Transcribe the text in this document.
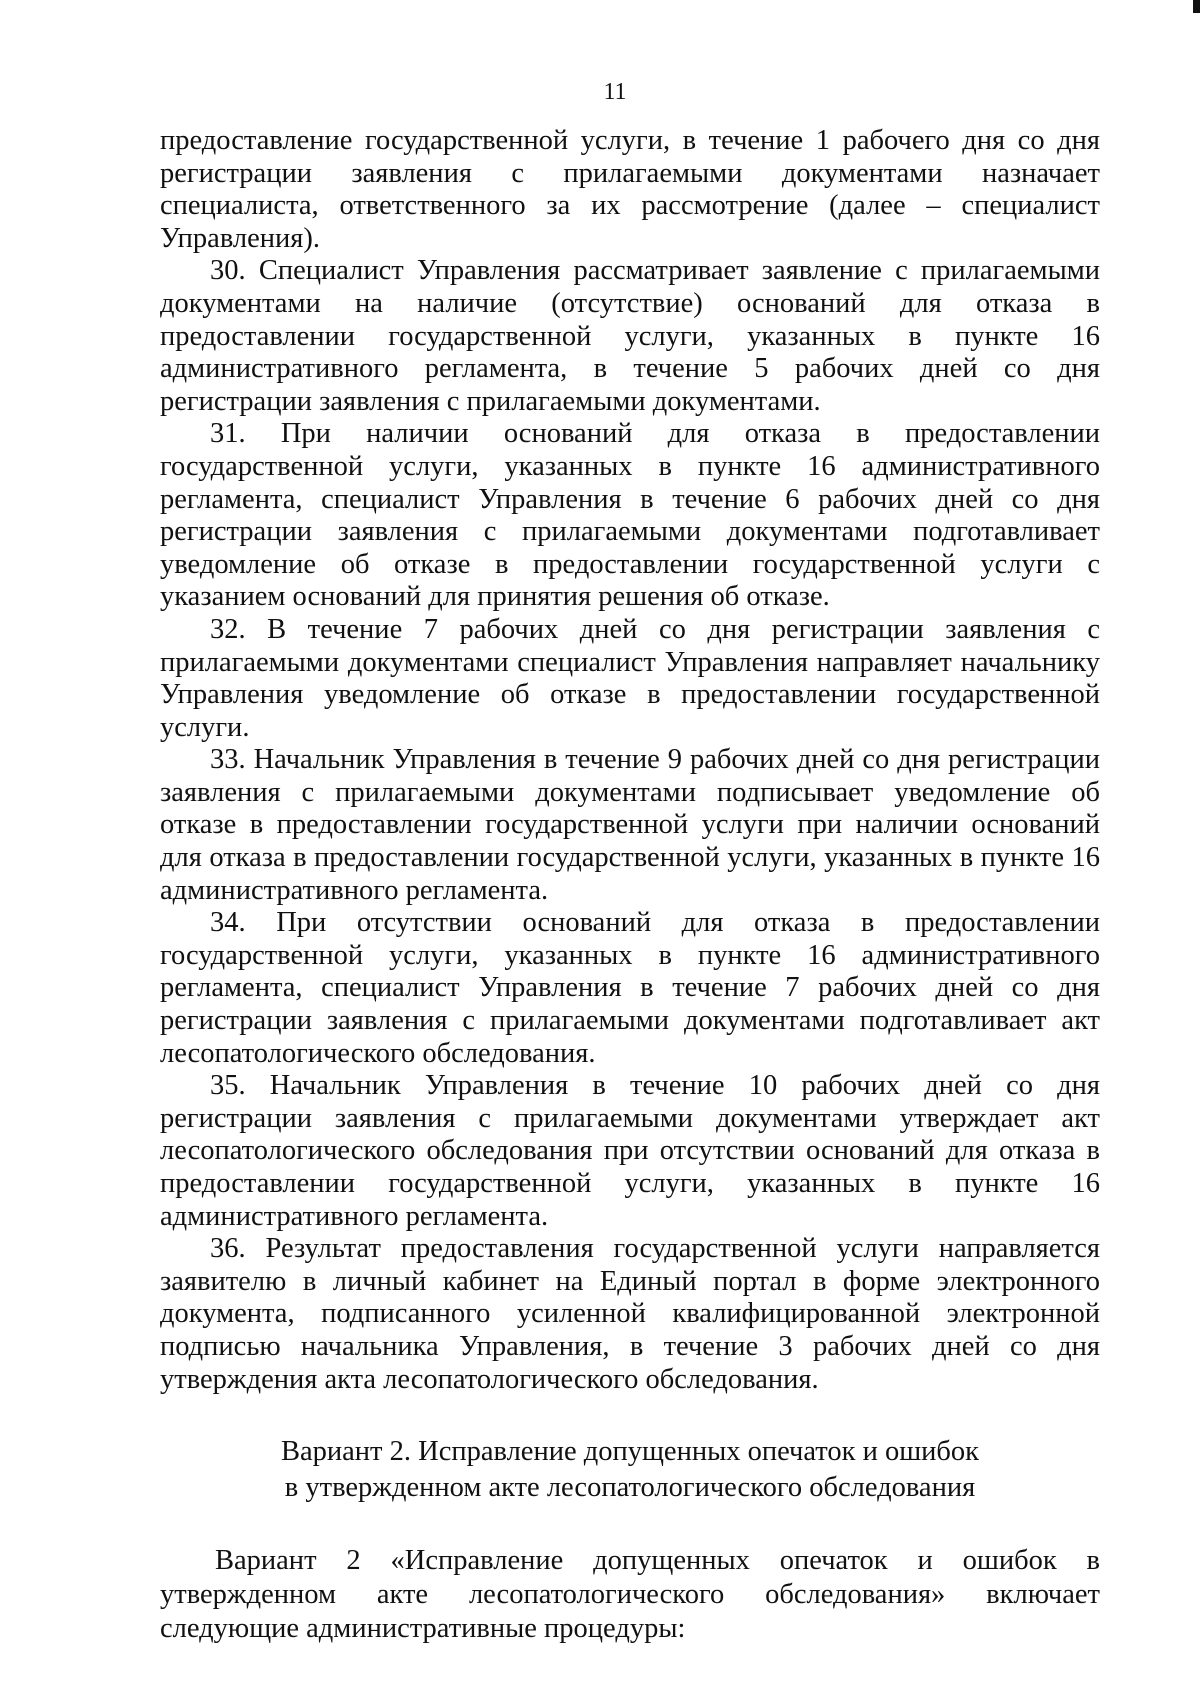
11

предоставление государственной услуги, в течение 1 рабочего дня со дня регистрации заявления с прилагаемыми документами назначает специалиста, ответственного за их рассмотрение (далее – специалист Управления).

30. Специалист Управления рассматривает заявление с прилагаемыми документами на наличие (отсутствие) оснований для отказа в предоставлении государственной услуги, указанных в пункте 16 административного регламента, в течение 5 рабочих дней со дня регистрации заявления с прилагаемыми документами.

31. При наличии оснований для отказа в предоставлении государственной услуги, указанных в пункте 16 административного регламента, специалист Управления в течение 6 рабочих дней со дня регистрации заявления с прилагаемыми документами подготавливает уведомление об отказе в предоставлении государственной услуги с указанием оснований для принятия решения об отказе.

32. В течение 7 рабочих дней со дня регистрации заявления с прилагаемыми документами специалист Управления направляет начальнику Управления уведомление об отказе в предоставлении государственной услуги.

33. Начальник Управления в течение 9 рабочих дней со дня регистрации заявления с прилагаемыми документами подписывает уведомление об отказе в предоставлении государственной услуги при наличии оснований для отказа в предоставлении государственной услуги, указанных в пункте 16 административного регламента.

34. При отсутствии оснований для отказа в предоставлении государственной услуги, указанных в пункте 16 административного регламента, специалист Управления в течение 7 рабочих дней со дня регистрации заявления с прилагаемыми документами подготавливает акт лесопатологического обследования.

35. Начальник Управления в течение 10 рабочих дней со дня регистрации заявления с прилагаемыми документами утверждает акт лесопатологического обследования при отсутствии оснований для отказа в предоставлении государственной услуги, указанных в пункте 16 административного регламента.

36. Результат предоставления государственной услуги направляется заявителю в личный кабинет на Единый портал в форме электронного документа, подписанного усиленной квалифицированной электронной подписью начальника Управления, в течение 3 рабочих дней со дня утверждения акта лесопатологического обследования.

Вариант 2. Исправление допущенных опечаток и ошибок
в утвержденном акте лесопатологического обследования

Вариант 2 «Исправление допущенных опечаток и ошибок в утвержденном акте лесопатологического обследования» включает следующие административные процедуры:
